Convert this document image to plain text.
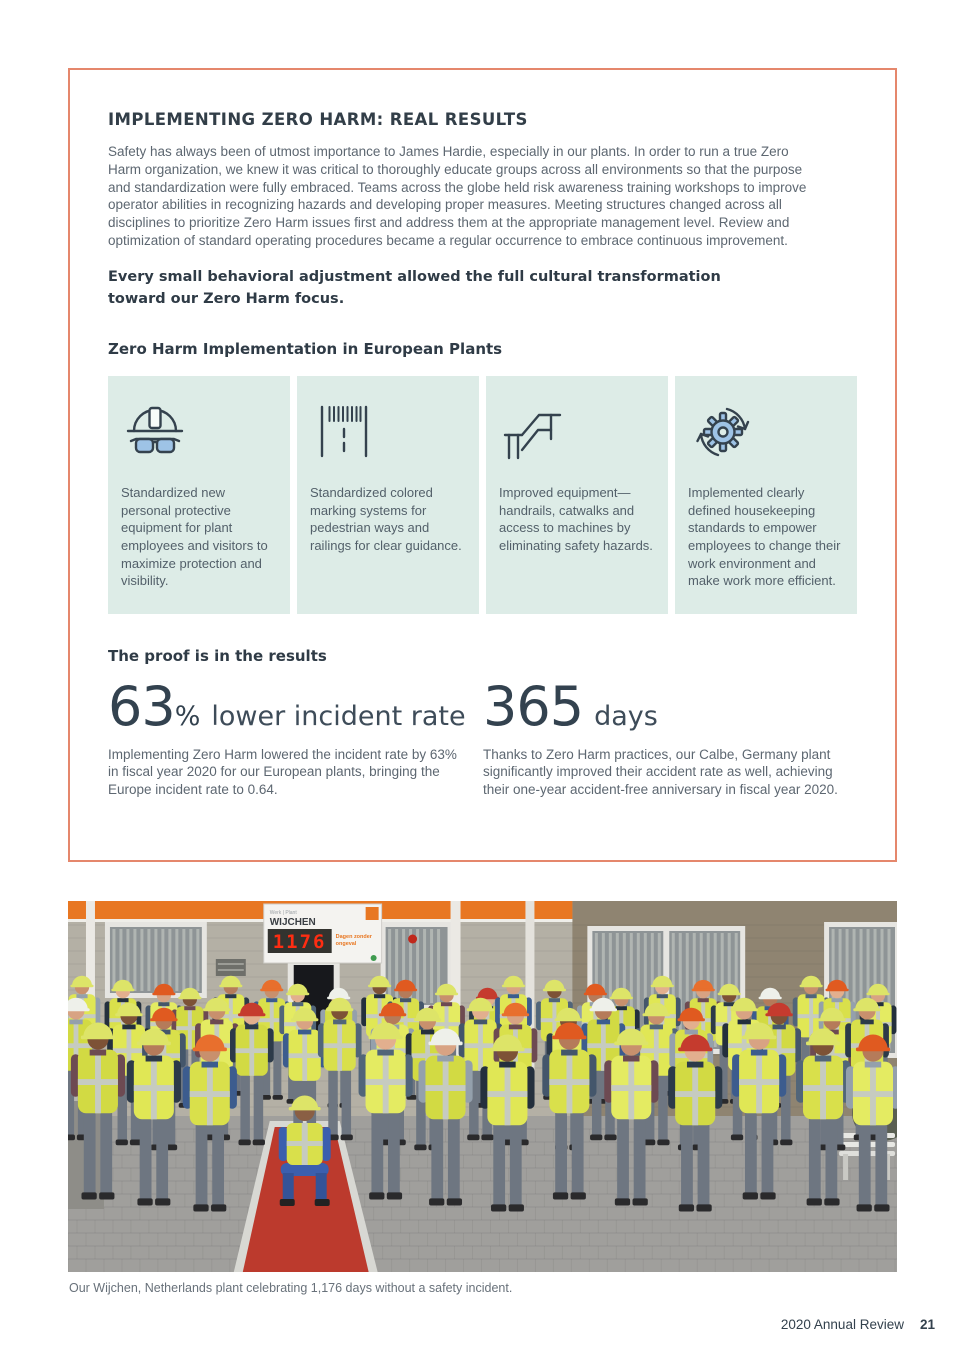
IMPLEMENTING ZERO HARM: REAL RESULTS

Safety has always been of utmost importance to James Hardie, especially in our plants. In order to run a true Zero Harm organization, we knew it was critical to thoroughly educate groups across all environments so that the purpose and standardization were fully embraced. Teams across the globe held risk awareness training workshops to improve operator abilities in recognizing hazards and developing proper measures. Meeting structures changed across all disciplines to prioritize Zero Harm issues first and address them at the appropriate management level. Review and optimization of standard operating procedures became a regular occurrence to embrace continuous improvement.

Every small behavioral adjustment allowed the full cultural transformation toward our Zero Harm focus.

Zero Harm Implementation in European Plants

Standardized new personal protective equipment for plant employees and visitors to maximize protection and visibility.

Standardized colored marking systems for pedestrian ways and railings for clear guidance.

Improved equipment—handrails, catwalks and access to machines by eliminating safety hazards.

Implemented clearly defined housekeeping standards to empower employees to change their work environment and make work more efficient.

The proof is in the results
63 % lower incident rate

Implementing Zero Harm lowered the incident rate by 63% in fiscal year 2020 for our European plants, bringing the Europe incident rate to 0.64.

365 days

Thanks to Zero Harm practices, our Calbe, Germany plant significantly improved their accident rate as well, achieving their one-year accident-free anniversary in fiscal year 2020.

Werk | Plant
WIJCHEN
1176 Dagen zonder
ongeval
Our Wijchen, Netherlands plant celebrating 1,176 days without a safety incident.
2020 Annual Review 21
